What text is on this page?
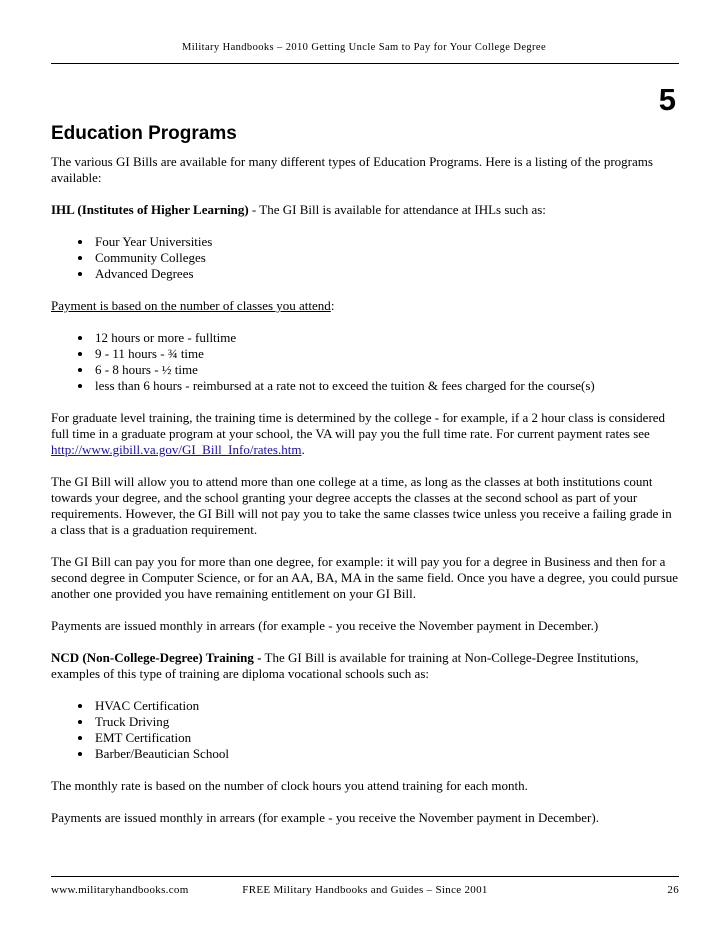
Military Handbooks – 2010 Getting Uncle Sam to Pay for Your College Degree
5
Education Programs

The various GI Bills are available for many different types of Education Programs. Here is a listing of the programs available:

IHL (Institutes of Higher Learning) - The GI Bill is available for attendance at IHLs such as:

• Four Year Universities
• Community Colleges
• Advanced Degrees

Payment is based on the number of classes you attend:

• 12 hours or more - fulltime
• 9 - 11 hours - ¾ time
• 6 - 8 hours - ½ time
• less than 6 hours - reimbursed at a rate not to exceed the tuition & fees charged for the course(s)

For graduate level training, the training time is determined by the college - for example, if a 2 hour class is considered full time in a graduate program at your school, the VA will pay you the full time rate. For current payment rates see http://www.gibill.va.gov/GI_Bill_Info/rates.htm.

The GI Bill will allow you to attend more than one college at a time, as long as the classes at both institutions count towards your degree, and the school granting your degree accepts the classes at the second school as part of your requirements. However, the GI Bill will not pay you to take the same classes twice unless you receive a failing grade in a class that is a graduation requirement.

The GI Bill can pay you for more than one degree, for example: it will pay you for a degree in Business and then for a second degree in Computer Science, or for an AA, BA, MA in the same field. Once you have a degree, you could pursue another one provided you have remaining entitlement on your GI Bill.

Payments are issued monthly in arrears (for example - you receive the November payment in December.)

NCD (Non-College-Degree) Training - The GI Bill is available for training at Non-College-Degree Institutions, examples of this type of training are diploma vocational schools such as:

• HVAC Certification
• Truck Driving
• EMT Certification
• Barber/Beautician School

The monthly rate is based on the number of clock hours you attend training for each month.

Payments are issued monthly in arrears (for example - you receive the November payment in December).

www.militaryhandbooks.com	FREE Military Handbooks and Guides – Since 2001	26
